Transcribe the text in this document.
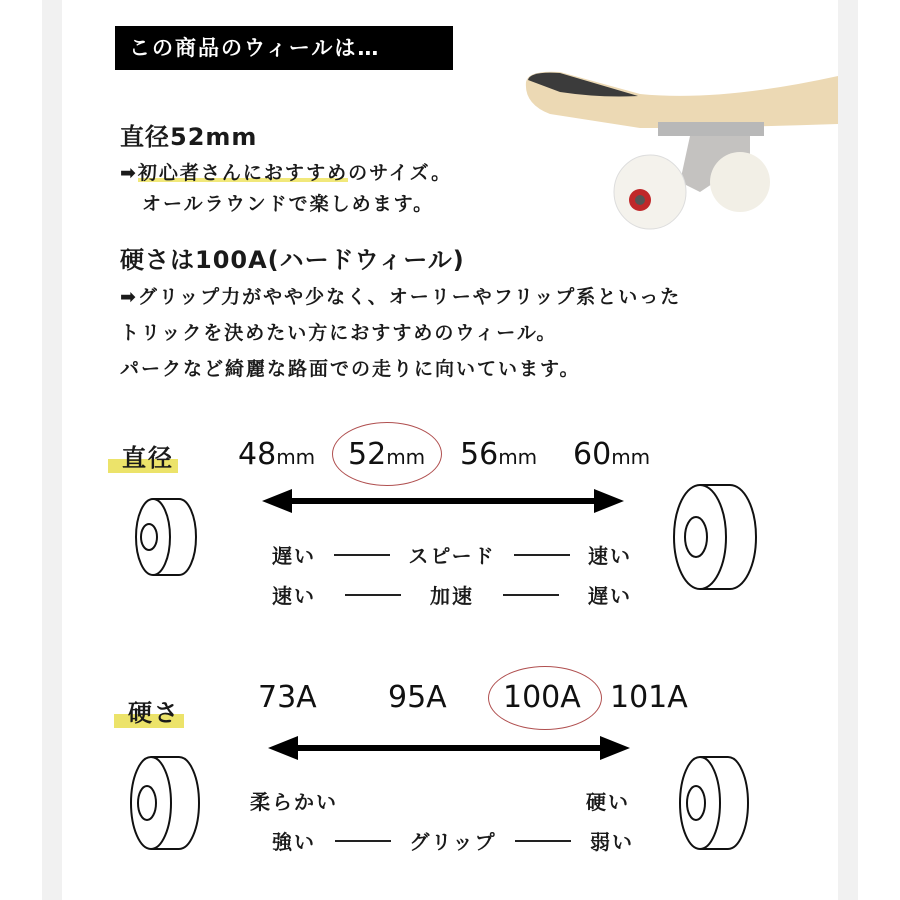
この商品のウィールは…
直径52mm
➡初心者さんにおすすめのサイズ。
オールラウンドで楽しめます。
硬さは100A(ハードウィール)
➡グリップ力がやや少なく、オーリーやフリップ系といった
トリックを決めたい方におすすめのウィール。
パークなど綺麗な路面での走りに向いています。
直径 48mm 52mm 56mm 60mm
遅い	スピード	速い
速い	加速	遅い
硬さ	73A 95A 100A 101A
柔らかい	硬い
強い	グリップ	弱い
